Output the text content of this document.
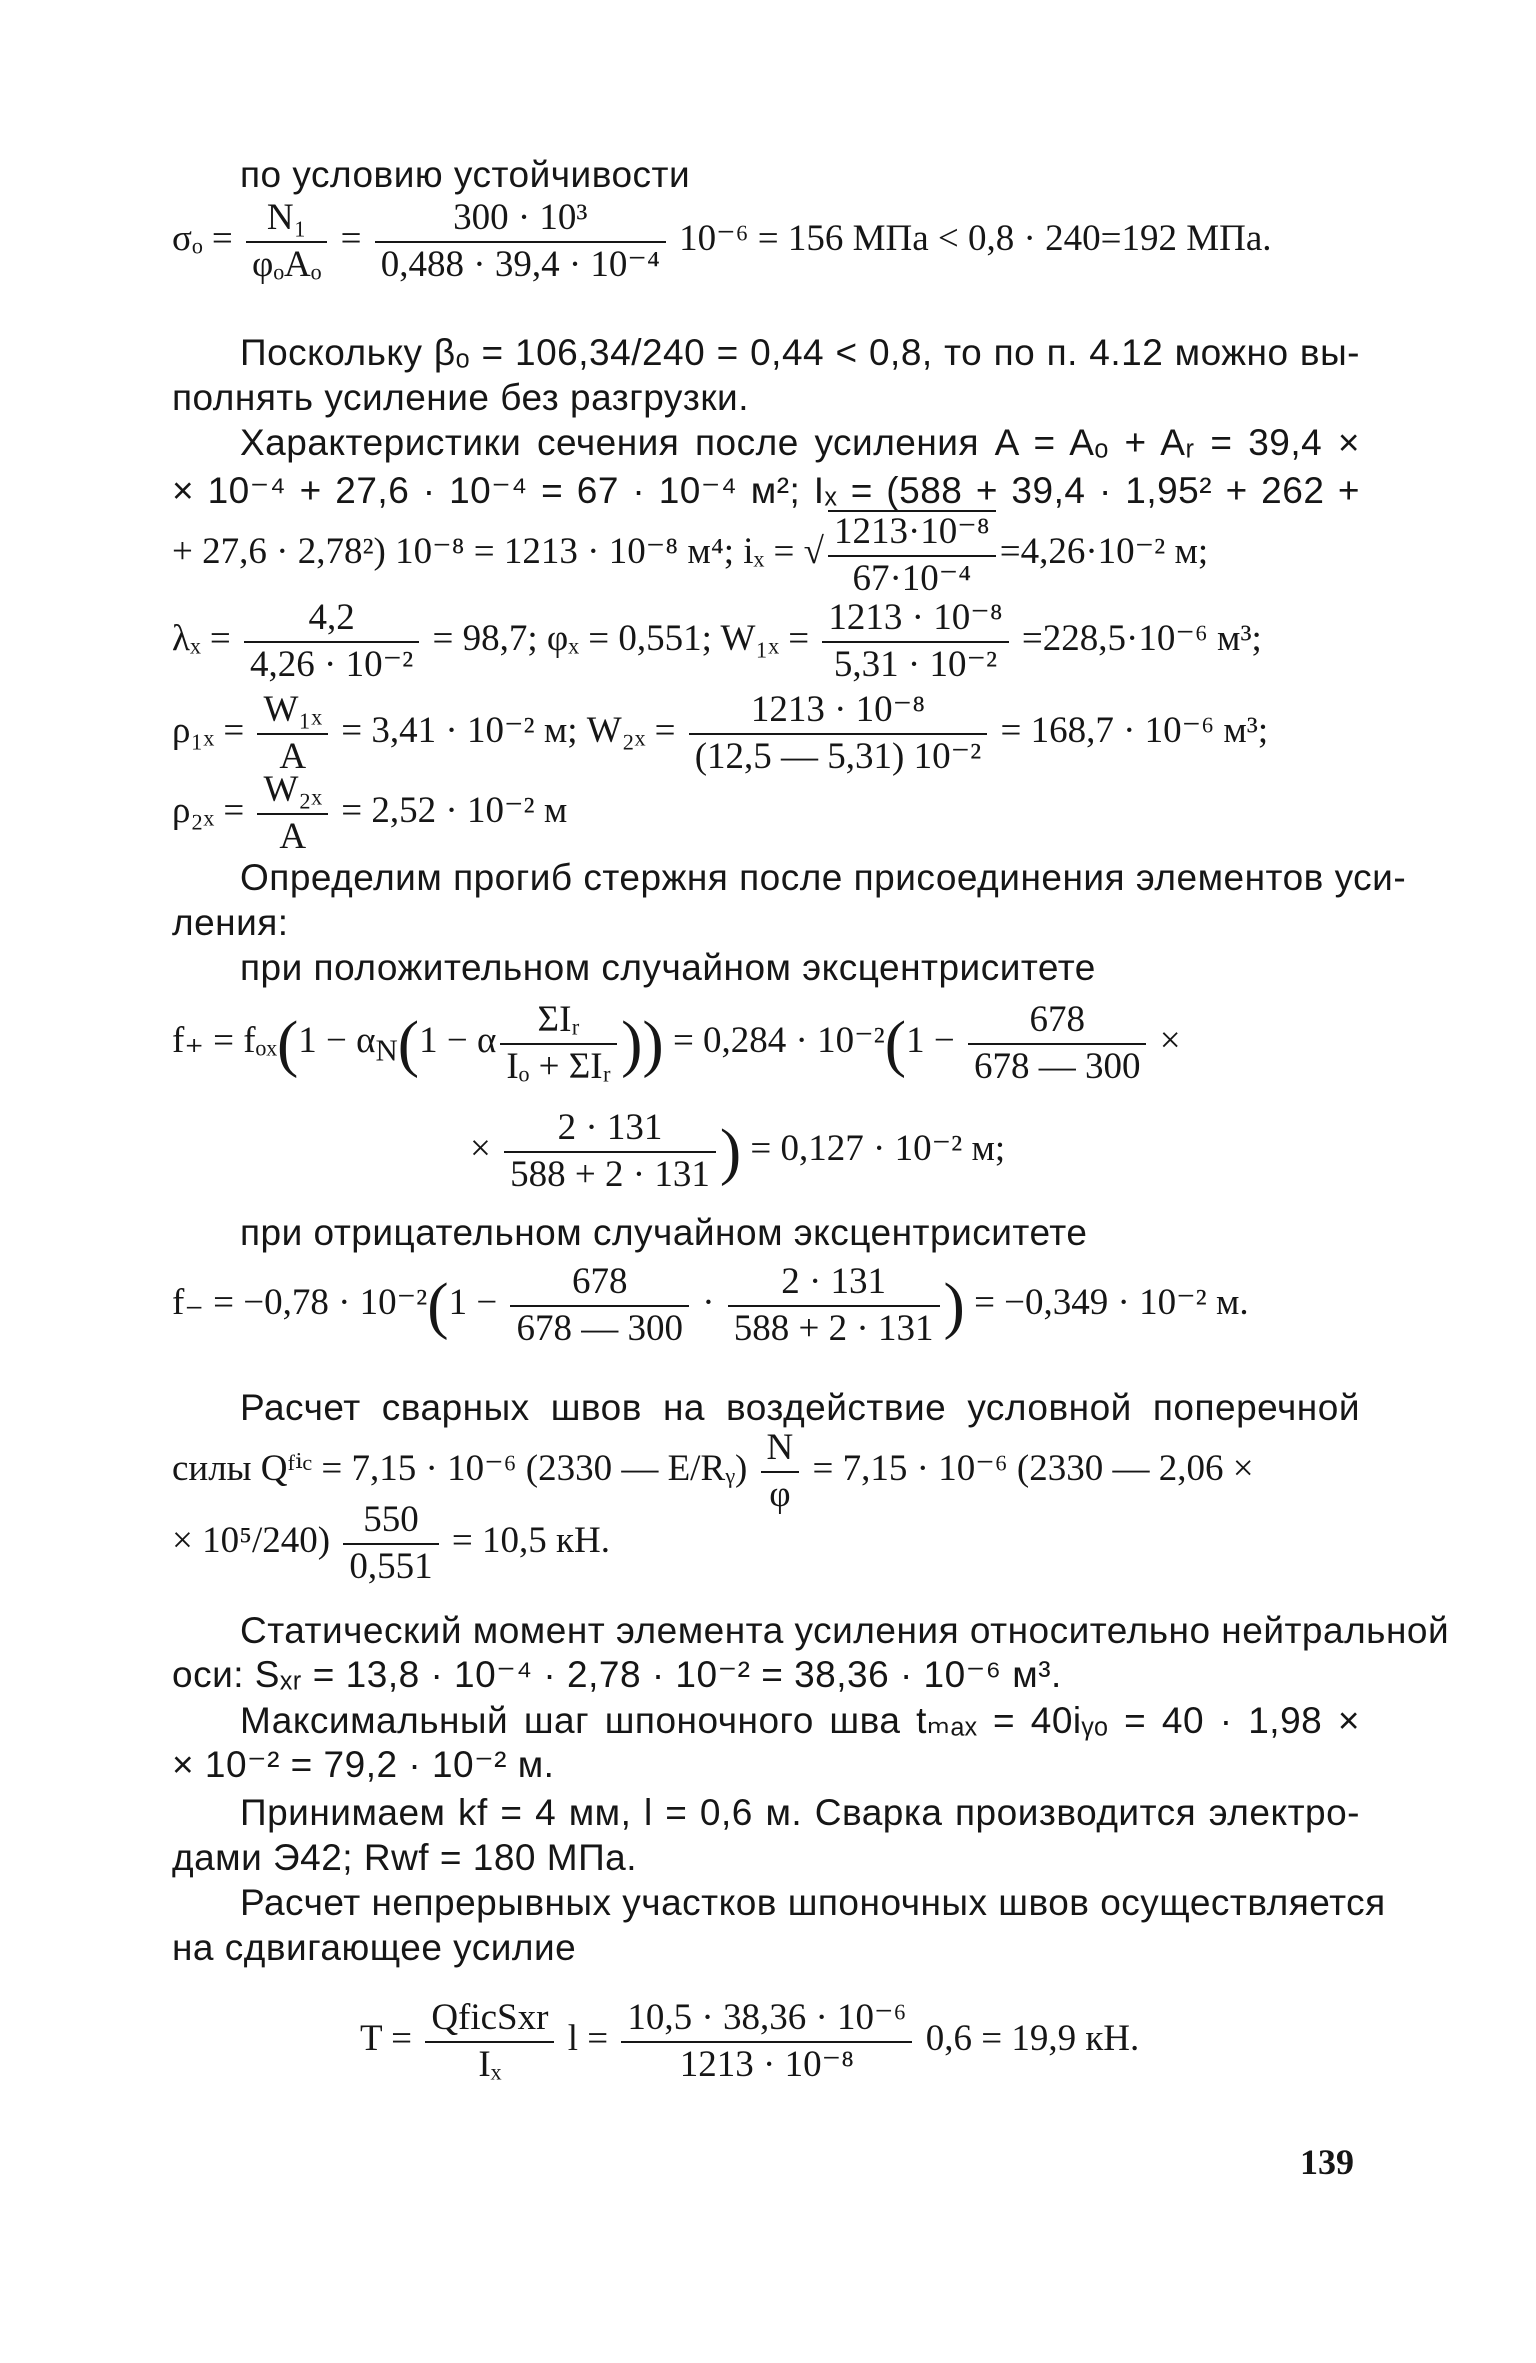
по условию устойчивости
$\sigma_o = \frac{\text{N₁}}{\text{φₒAₒ}} = \frac{\text{300 · 10³}}{\text{0,488 · 39,4 · 10⁻⁴}} 10^{-6} = 156$ МПа < 0,8 · 240=192 МПа.
Поскольку βₒ = 106,34/240 = 0,44 < 0,8, то по п. 4.12 можно вы-
полнять усиление без разгрузки.
Характеристики сечения после усиления A = Aₒ + Aᵣ = 39,4 ×
× 10⁻⁴ + 27,6 · 10⁻⁴ = 67 · 10⁻⁴ м²; Iₓ = (588 + 39,4 · 1,95² + 262 +
+ 27,6 · 2,78²) 10⁻⁸ = 1213 · 10⁻⁸ м⁴; iₓ = √ $\frac{\text{1213·10⁻⁸}}{\text{67·10⁻⁴}} =4,26\cdot 10^{-2}$ м;
$\lambda_x = \frac{4,2}{\text{4,26 · 10⁻²}} = 98,7$; φₓ = 0,551; $W_{1x} = \frac{\text{1213 · 10⁻⁸}}{\text{5,31 · 10⁻²}} =228,5\cdot 10^{-6}$ м³;
$\rho_{1x} = \frac{\text{W₁ₓ}}{A} = 3,41 \cdot 10^{-2}$ м; $W_{2x} = \frac{\text{1213 · 10⁻⁸}}{\text{(12,5 — 5,31) 10⁻²}} = 168,7 \cdot 10^{-6}$ м³;
$\rho_{2x} = \frac{\text{W₂ₓ}}{A} = 2,52 \cdot 10^{-2}$ м
Определим прогиб стержня после присоединения элементов уси-
ления:
при положительном случайном эксцентриситете
$f_+ = f_{ox}(1 - \alpha_N(1 - \alpha \frac{\text{ΣIᵣ}}{\text{Iₒ + ΣIᵣ}}$ )) = $0,284 \cdot 10^{-2}(1 - \frac{678}{678 — 300}$ ×
× $\frac{2 \cdot 131}{588 + 2 \cdot 131}$ ) = 0,127 · 10⁻² м;
при отрицательном случайном эксцентриситете
$f_- = -0,78 \cdot 10^{-2}(1 - \frac{678}{678 — 300} \cdot \frac{2 \cdot 131}{588 + 2 \cdot 131}$ ) = −0,349 · 10⁻² м.
Расчет сварных швов на воздействие условной поперечной
силы Qᶠⁱᶜ = 7,15 · 10⁻⁶ (2330 — E/Rᵧ) $\frac{N}{\varphi} = 7,15 \cdot 10^{-6}$ (2330 — 2,06 ×
× $10^5/240) \frac{550}{0,551} = 10,5$ кН.
Статический момент элемента усиления относительно нейтральной
оси: Sₓᵣ = 13,8 · 10⁻⁴ · 2,78 · 10⁻² = 38,36 · 10⁻⁶ м³.
Максимальный шаг шпоночного шва tₘₐₓ = 40iᵧₒ = 40 · 1,98 ×
× 10⁻² = 79,2 · 10⁻² м.
Принимаем kf = 4 мм, l = 0,6 м. Сварка производится электро-
дами Э42; Rwf = 180 МПа.
Расчет непрерывных участков шпоночных швов осуществляется
на сдвигающее усилие
$T = \frac{\text{QficSxr}}{\text{Iₓ}}$ $l = \frac{\text{10,5 · 38,36 · 10⁻⁶}}{\text{1213 · 10⁻⁸}} 0,6 = 19,9$ кН.
139
